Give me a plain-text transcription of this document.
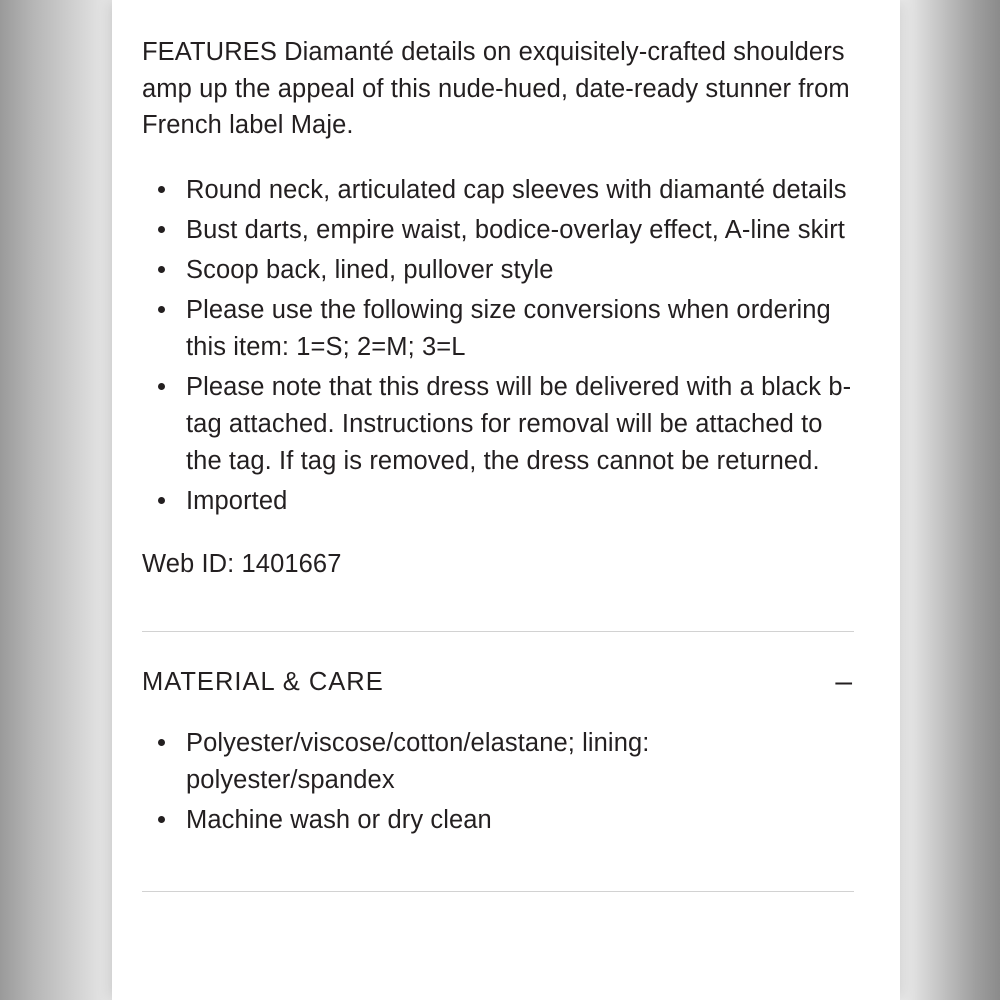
FEATURES Diamanté details on exquisitely-crafted shoulders amp up the appeal of this nude-hued, date-ready stunner from French label Maje.

Round neck, articulated cap sleeves with diamanté details
Bust darts, empire waist, bodice-overlay effect, A-line skirt
Scoop back, lined, pullover style
Please use the following size conversions when ordering this item: 1=S; 2=M; 3=L
Please note that this dress will be delivered with a black b-tag attached. Instructions for removal will be attached to the tag. If tag is removed, the dress cannot be returned.
Imported

Web ID: 1401667

MATERIAL & CARE	–
Polyester/viscose/cotton/elastane; lining: polyester/spandex
Machine wash or dry clean
